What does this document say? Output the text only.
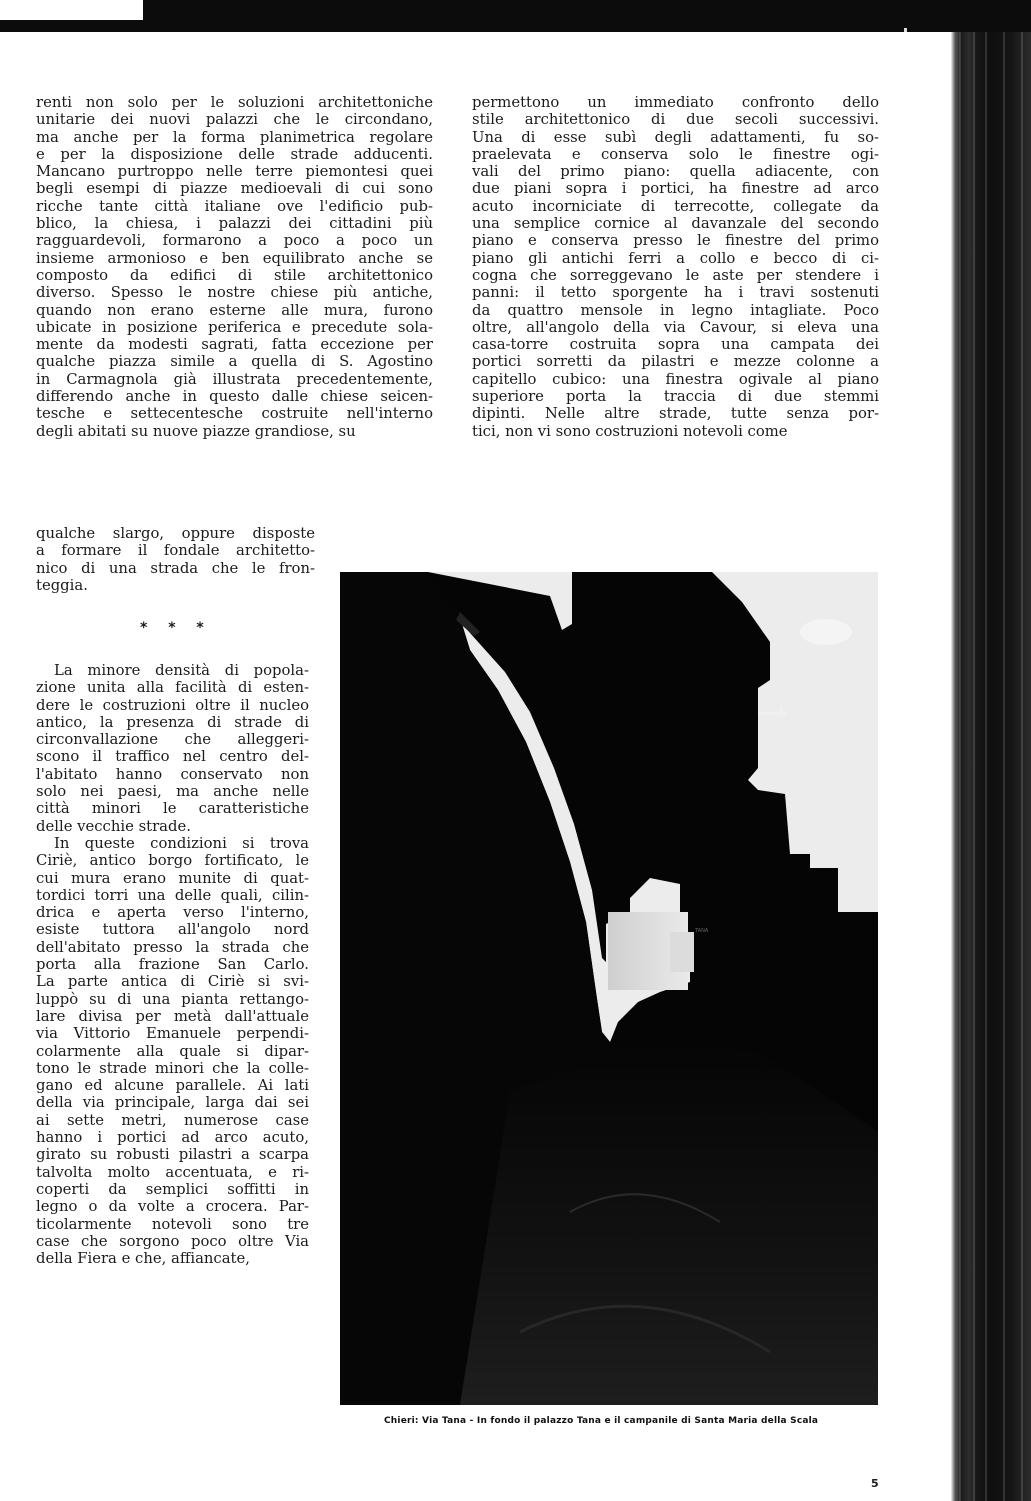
renti non solo per le soluzioni architettoniche
unitarie dei nuovi palazzi che le circondano,
ma anche per la forma planimetrica regolare
e per la disposizione delle strade adducenti.
Mancano purtroppo nelle terre piemontesi quei
begli esempi di piazze medioevali di cui sono
ricche tante città italiane ove l'edificio pub-
blico, la chiesa, i palazzi dei cittadini più
ragguardevoli, formarono a poco a poco un
insieme armonioso e ben equilibrato anche se
composto da edifici di stile architettonico
diverso. Spesso le nostre chiese più antiche,
quando non erano esterne alle mura, furono
ubicate in posizione periferica e precedute sola-
mente da modesti sagrati, fatta eccezione per
qualche piazza simile a quella di S. Agostino
in Carmagnola già illustrata precedentemente,
differendo anche in questo dalle chiese seicen-
tesche e settecentesche costruite nell'interno
degli abitati su nuove piazze grandiose, su
qualche slargo, oppure disposte
a formare il fondale architetto-
nico di una strada che le fron-
teggia.
* * *
La minore densità di popola-
zione unita alla facilità di esten-
dere le costruzioni oltre il nucleo
antico, la presenza di strade di
circonvallazione che alleggeri-
scono il traffico nel centro del-
l'abitato hanno conservato non
solo nei paesi, ma anche nelle
città minori le caratteristiche
delle vecchie strade.
In queste condizioni si trova
Ciriè, antico borgo fortificato, le
cui mura erano munite di quat-
tordici torri una delle quali, cilin-
drica e aperta verso l'interno,
esiste tuttora all'angolo nord
dell'abitato presso la strada che
porta alla frazione San Carlo.
La parte antica di Ciriè si svi-
luppò su di una pianta rettango-
lare divisa per metà dall'attuale
via Vittorio Emanuele perpendi-
colarmente alla quale si dipar-
tono le strade minori che la colle-
gano ed alcune parallele. Ai lati
della via principale, larga dai sei
ai sette metri, numerose case
hanno i portici ad arco acuto,
girato su robusti pilastri a scarpa
talvolta molto accentuata, e ri-
coperti da semplici soffitti in
legno o da volte a crocera. Par-
ticolarmente notevoli sono tre
case che sorgono poco oltre Via
della Fiera e che, affiancate,
permettono un immediato confronto dello
stile architettonico di due secoli successivi.
Una di esse subì degli adattamenti, fu so-
praelevata e conserva solo le finestre ogi-
vali del primo piano: quella adiacente, con
due piani sopra i portici, ha finestre ad arco
acuto incorniciate di terrecotte, collegate da
una semplice cornice al davanzale del secondo
piano e conserva presso le finestre del primo
piano gli antichi ferri a collo e becco di ci-
cogna che sorreggevano le aste per stendere i
panni: il tetto sporgente ha i travi sostenuti
da quattro mensole in legno intagliate. Poco
oltre, all'angolo della via Cavour, si eleva una
casa-torre costruita sopra una campata dei
portici sorretti da pilastri e mezze colonne a
capitello cubico: una finestra ogivale al piano
superiore porta la traccia di due stemmi
dipinti. Nelle altre strade, tutte senza por-
tici, non vi sono costruzioni notevoli come
TANA
Chieri: Via Tana - In fondo il palazzo Tana e il campanile di Santa Maria della Scala
5
